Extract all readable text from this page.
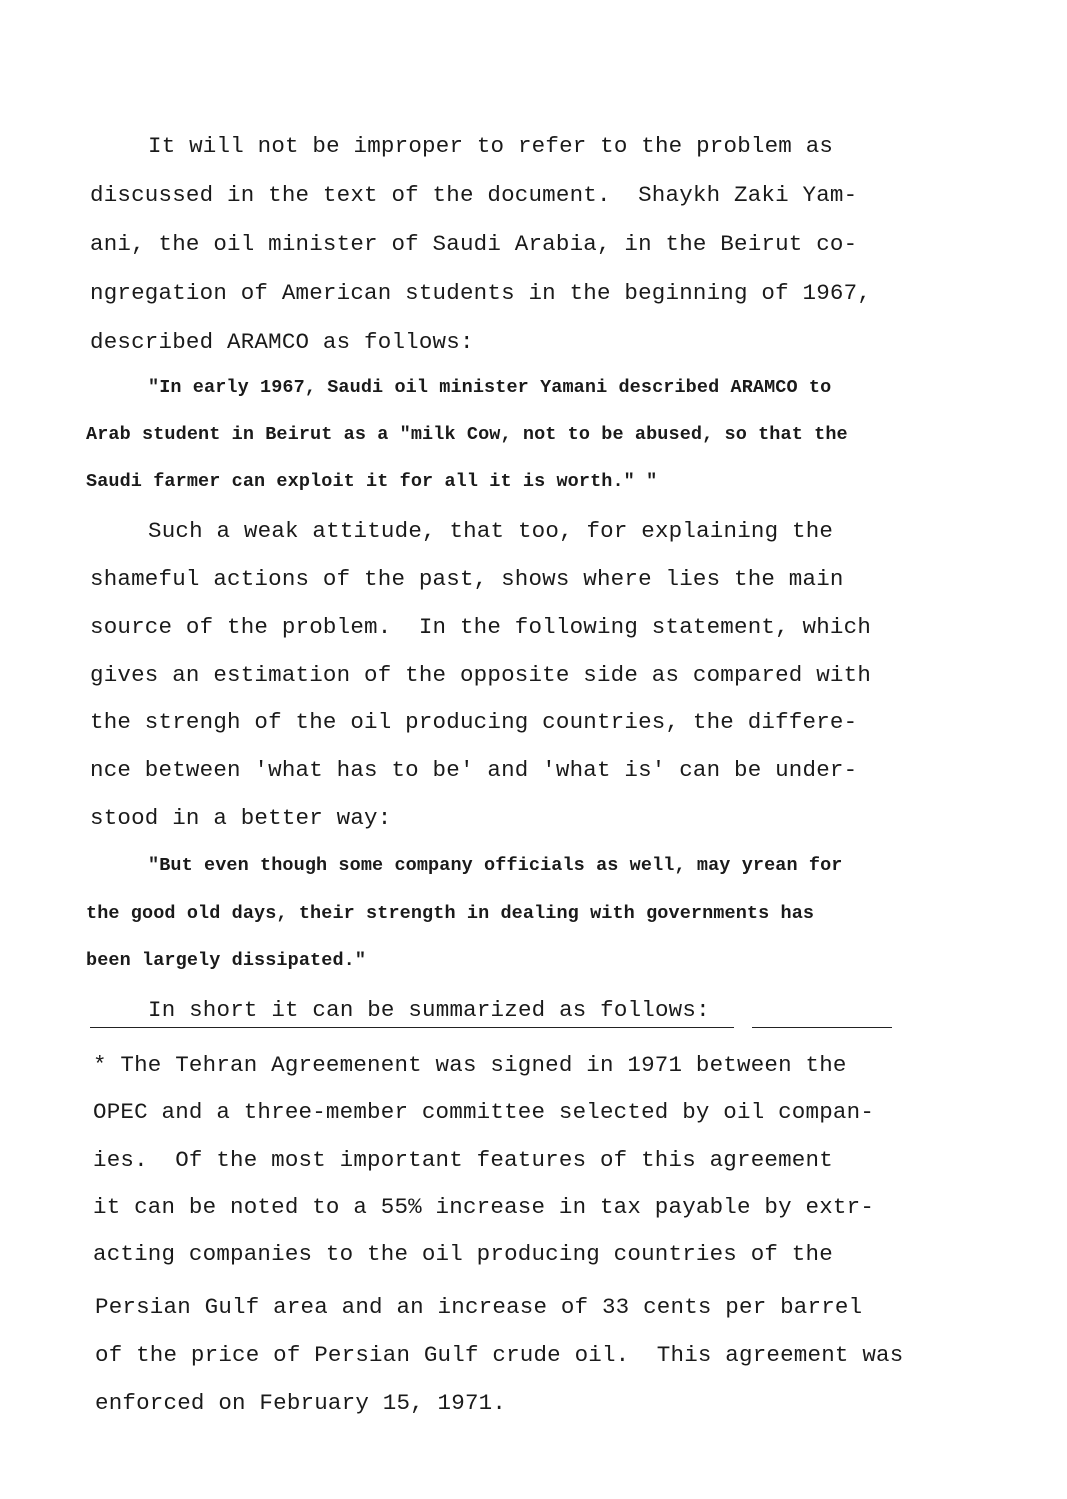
It will not be improper to refer to the problem as

discussed in the text of the document.  Shaykh Zaki Yam-

ani, the oil minister of Saudi Arabia, in the Beirut co-

ngregation of American students in the beginning of 1967,

described ARAMCO as follows:

"In early 1967, Saudi oil minister Yamani described ARAMCO to

Arab student in Beirut as a "milk Cow, not to be abused, so that the

Saudi farmer can exploit it for all it is worth." "

Such a weak attitude, that too, for explaining the

shameful actions of the past, shows where lies the main

source of the problem.  In the following statement, which

gives an estimation of the opposite side as compared with

the strengh of the oil producing countries, the differe-

nce between 'what has to be' and 'what is' can be under-

stood in a better way:

"But even though some company officials as well, may yrean for

the good old days, their strength in dealing with governments has

been largely dissipated."

In short it can be summarized as follows:

* The Tehran Agreemenent was signed in 1971 between the

OPEC and a three-member committee selected by oil compan-

ies.  Of the most important features of this agreement

it can be noted to a 55% increase in tax payable by extr-

acting companies to the oil producing countries of the

Persian Gulf area and an increase of 33 cents per barrel

of the price of Persian Gulf crude oil.  This agreement was

enforced on February 15, 1971.
